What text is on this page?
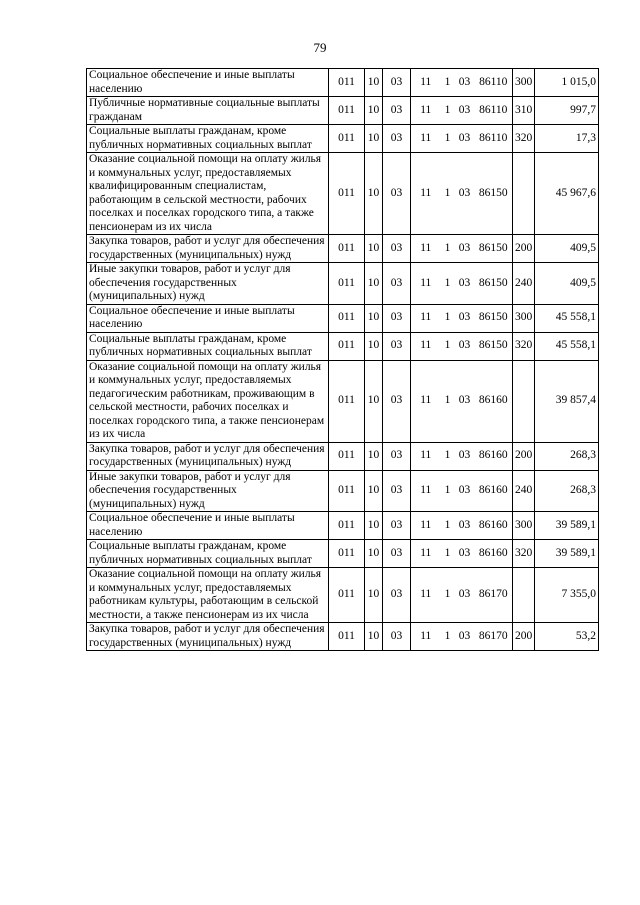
79
Социальное обеспечение и иные выплаты населению	011	10	03	11	1	03	86110	300	1 015,0
Публичные нормативные социальные выплаты гражданам	011	10	03	11	1	03	86110	310	997,7
Социальные выплаты гражданам, кроме публичных нормативных социальных выплат	011	10	03	11	1	03	86110	320	17,3
Оказание социальной помощи на оплату жилья и коммунальных услуг, предоставляемых квалифицированным специалистам, работающим в сельской местности, рабочих поселках и поселках городского типа, а также пенсионерам из их числа	011	10	03	11	1	03	86150		45 967,6
Закупка товаров, работ и услуг для обеспечения государственных (муниципальных) нужд	011	10	03	11	1	03	86150	200	409,5
Иные закупки товаров, работ и услуг для обеспечения государственных (муниципальных) нужд	011	10	03	11	1	03	86150	240	409,5
Социальное обеспечение и иные выплаты населению	011	10	03	11	1	03	86150	300	45 558,1
Социальные выплаты гражданам, кроме публичных нормативных социальных выплат	011	10	03	11	1	03	86150	320	45 558,1
Оказание социальной помощи на оплату жилья и коммунальных услуг, предоставляемых педагогическим работникам, проживающим в сельской местности, рабочих поселках и поселках городского типа, а также пенсионерам из их числа	011	10	03	11	1	03	86160		39 857,4
Закупка товаров, работ и услуг для обеспечения государственных (муниципальных) нужд	011	10	03	11	1	03	86160	200	268,3
Иные закупки товаров, работ и услуг для обеспечения государственных (муниципальных) нужд	011	10	03	11	1	03	86160	240	268,3
Социальное обеспечение и иные выплаты населению	011	10	03	11	1	03	86160	300	39 589,1
Социальные выплаты гражданам, кроме публичных нормативных социальных выплат	011	10	03	11	1	03	86160	320	39 589,1
Оказание социальной помощи на оплату жилья и коммунальных услуг, предоставляемых работникам культуры, работающим в сельской местности, а также пенсионерам из их числа	011	10	03	11	1	03	86170		7 355,0
Закупка товаров, работ и услуг для обеспечения государственных (муниципальных) нужд	011	10	03	11	1	03	86170	200	53,2
